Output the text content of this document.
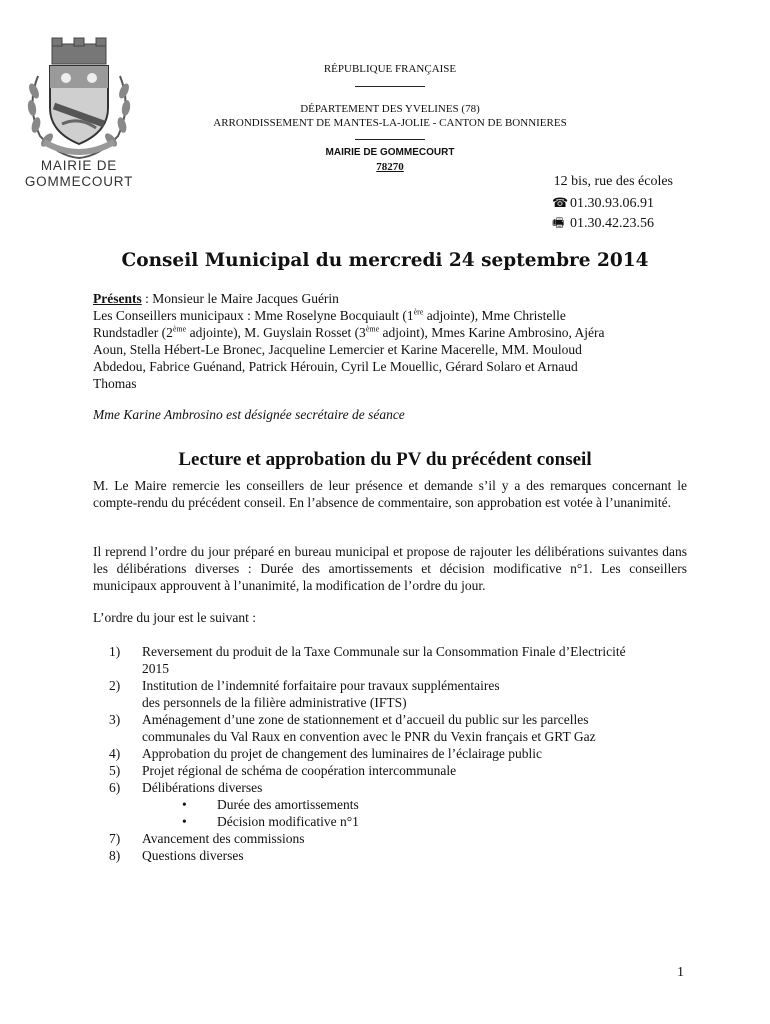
MAIRIE DE
GOMMECOURT
RÉPUBLIQUE FRANÇAISE
DÉPARTEMENT DES YVELINES (78)
ARRONDISSEMENT DE MANTES-LA-JOLIE - CANTON DE BONNIERES
MAIRIE DE GOMMECOURT
78270
12 bis, rue des écoles
☎ 01.30.93.06.91
🖷 01.30.42.23.56
Conseil Municipal du mercredi 24 septembre 2014
Présents : Monsieur le Maire Jacques Guérin
Les Conseillers municipaux : Mme Roselyne Bocquiault (1ère adjointe), Mme Christelle
Rundstadler (2ème adjointe), M. Guyslain Rosset (3ème adjoint), Mmes Karine Ambrosino, Ajéra
Aoun, Stella Hébert-Le Bronec, Jacqueline Lemercier et Karine Macerelle, MM. Mouloud
Abdedou, Fabrice Guénand, Patrick Hérouin, Cyril Le Mouellic, Gérard Solaro et Arnaud
Thomas
Mme Karine Ambrosino est désignée secrétaire de séance
Lecture et approbation du PV du précédent conseil
M. Le Maire remercie les conseillers de leur présence et demande s’il y a des remarques concernant le compte-rendu du précédent conseil. En l’absence de commentaire, son approbation est votée à l’unanimité.
Il reprend l’ordre du jour préparé en bureau municipal et propose de rajouter les délibérations suivantes dans les délibérations diverses : Durée des amortissements et décision modificative n°1. Les conseillers municipaux approuvent à l’unanimité, la modification de l’ordre du jour.
L’ordre du jour est le suivant :
1) Reversement du produit de la Taxe Communale sur la Consommation Finale d’Electricité
2015
2) Institution de l’indemnité forfaitaire pour travaux supplémentaires
des personnels de la filière administrative (IFTS)
3) Aménagement d’une zone de stationnement et d’accueil du public sur les parcelles
communales du Val Raux en convention avec le PNR du Vexin français et GRT Gaz
4) Approbation du projet de changement des luminaires de l’éclairage public
5) Projet régional de schéma de coopération intercommunale
6) Délibérations diverses
• Durée des amortissements
• Décision modificative n°1
7) Avancement des commissions
8) Questions diverses
1
